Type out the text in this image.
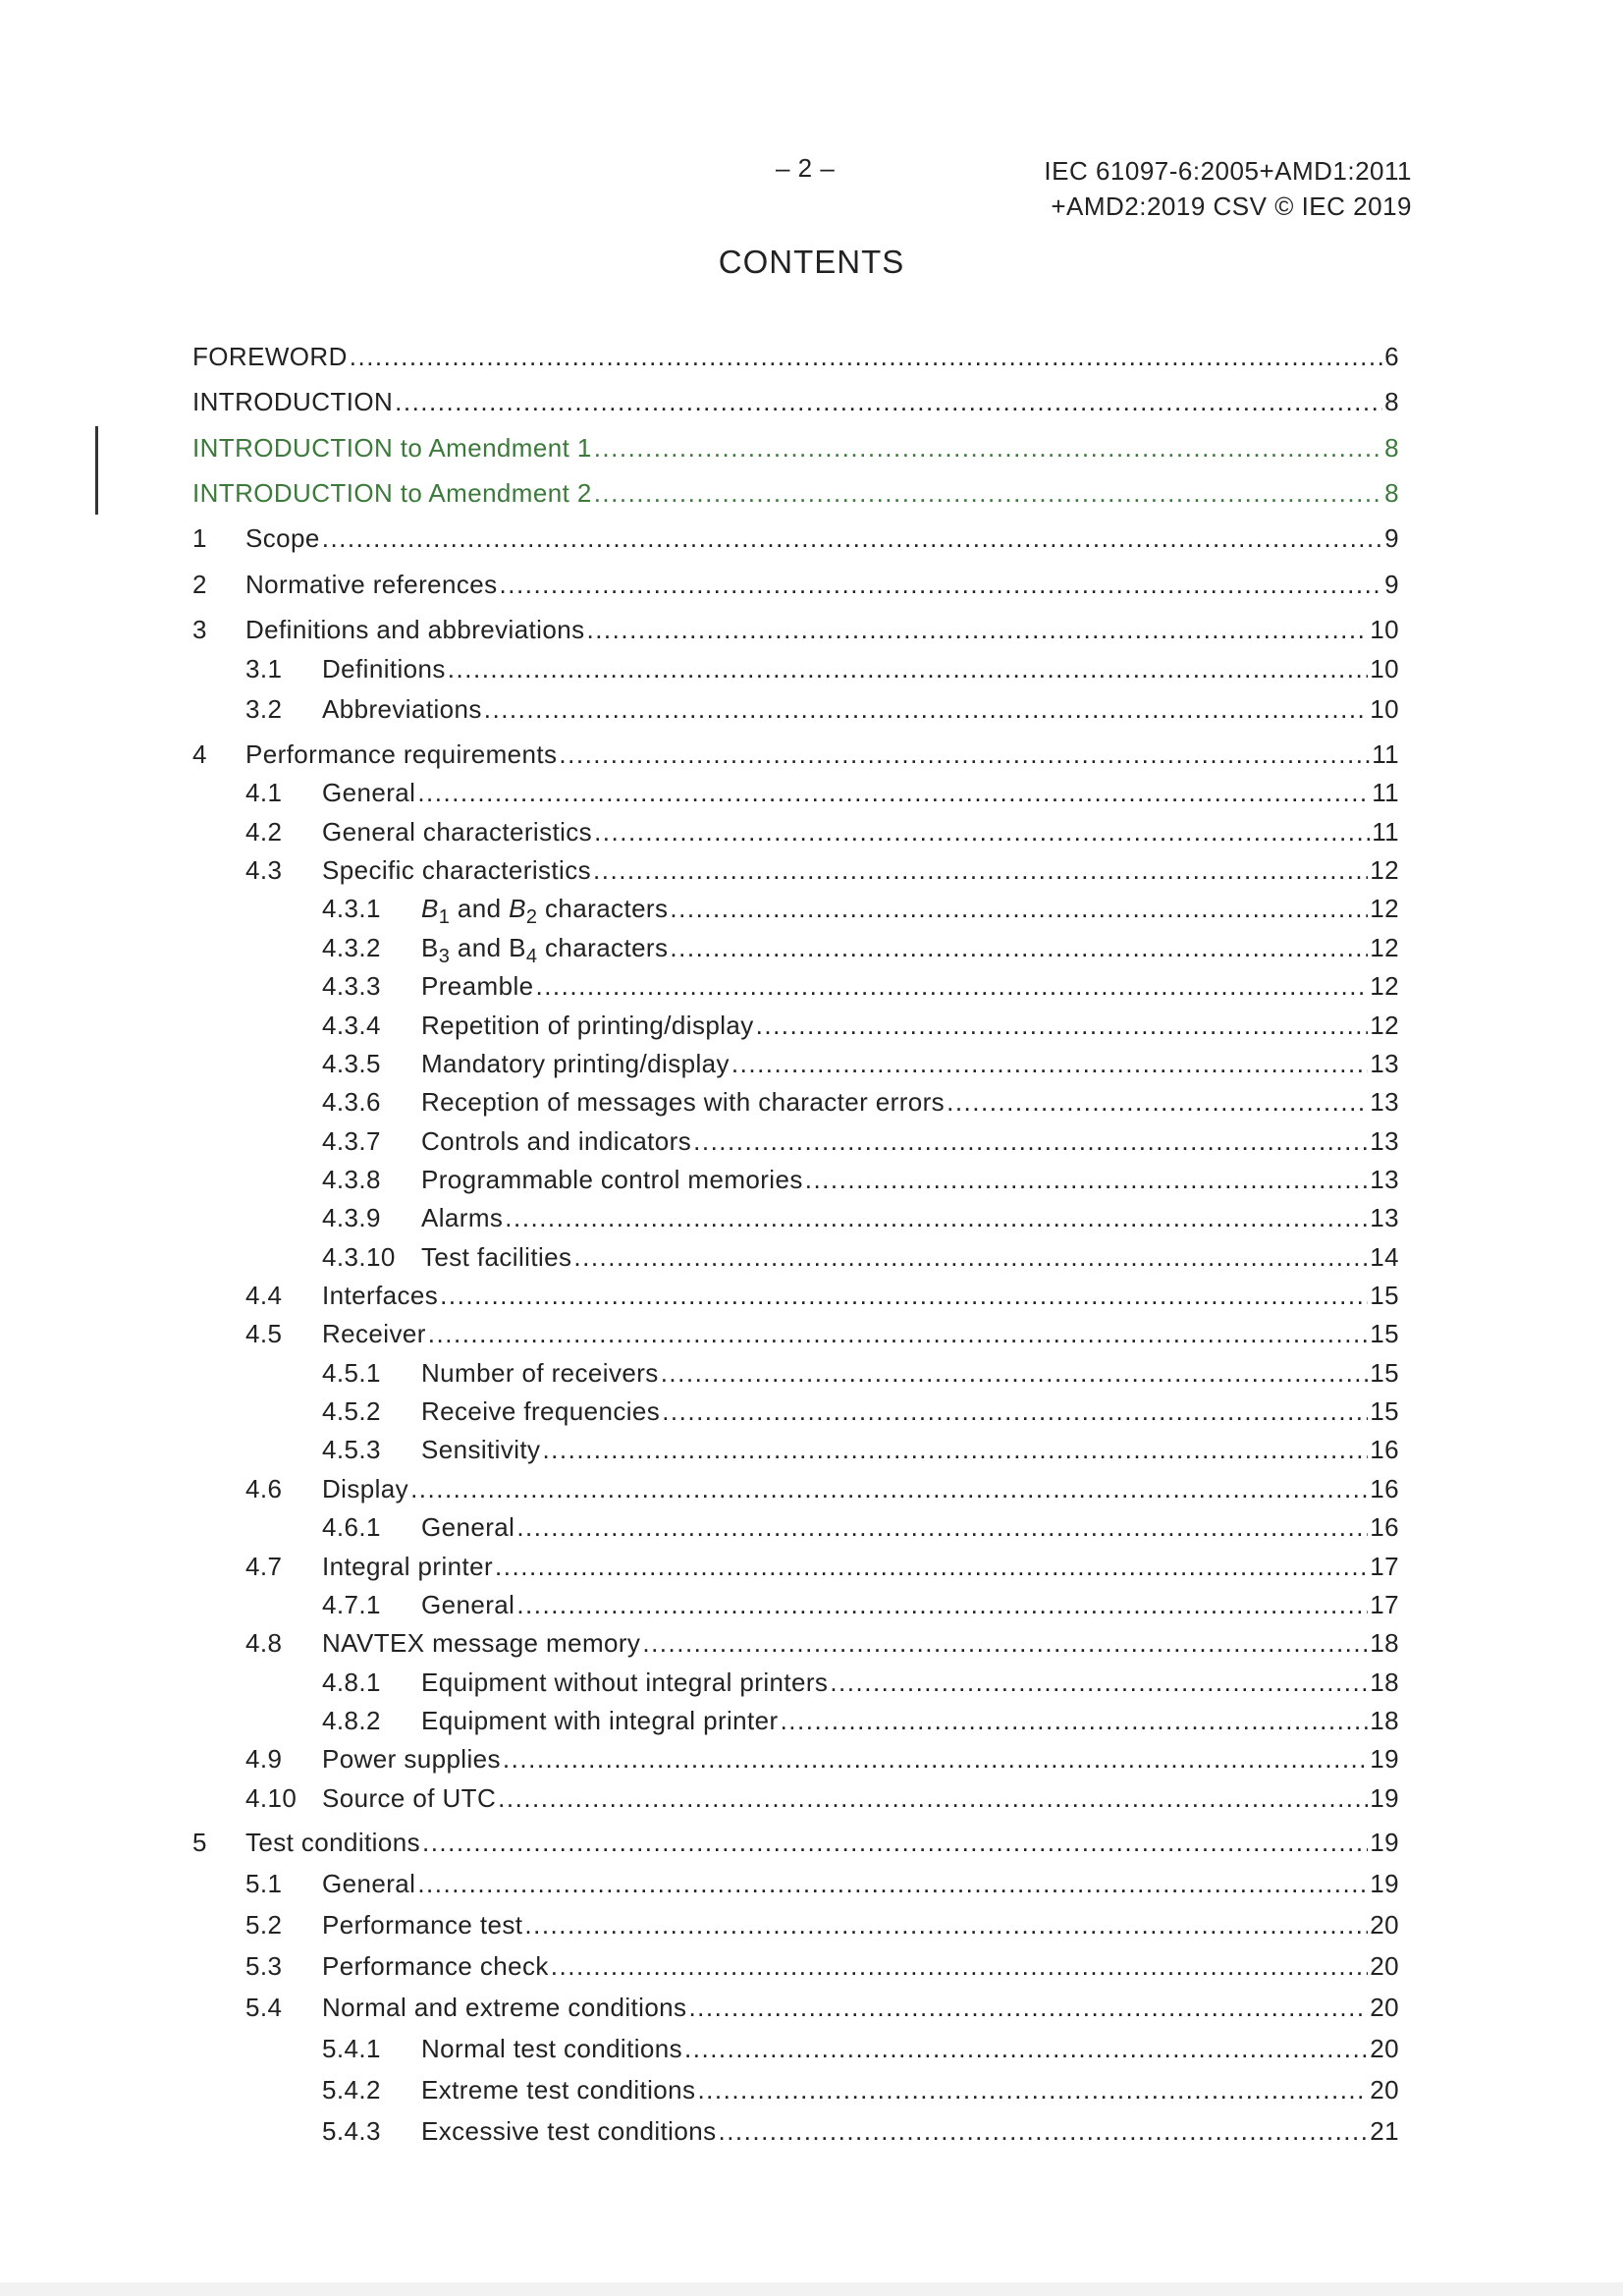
– 2 –	IEC 61097-6:2005+AMD1:2011
+AMD2:2019 CSV © IEC 2019
CONTENTS
FOREWORD .....	6
INTRODUCTION .....	8
INTRODUCTION to Amendment 1 .....	8
INTRODUCTION to Amendment 2 .....	8
1	Scope .....	9
2	Normative references .....	9
3	Definitions and abbreviations .....	10
3.1	Definitions .....	10
3.2	Abbreviations .....	10
4	Performance requirements .....	11
4.1	General .....	11
4.2	General characteristics .....	11
4.3	Specific characteristics .....	12
4.3.1	$B_1$ and $B_2$ characters .....	12
4.3.2	$B_3$ and $B_4$ characters .....	12
4.3.3	Preamble .....	12
4.3.4	Repetition of printing/display .....	12
4.3.5	Mandatory printing/display .....	13
4.3.6	Reception of messages with character errors .....	13
4.3.7	Controls and indicators .....	13
4.3.8	Programmable control memories .....	13
4.3.9	Alarms .....	13
4.3.10	Test facilities .....	14
4.4	Interfaces .....	15
4.5	Receiver .....	15
4.5.1	Number of receivers .....	15
4.5.2	Receive frequencies .....	15
4.5.3	Sensitivity .....	16
4.6	Display .....	16
4.6.1	General .....	16
4.7	Integral printer .....	17
4.7.1	General .....	17
4.8	NAVTEX message memory .....	18
4.8.1	Equipment without integral printers .....	18
4.8.2	Equipment with integral printer .....	18
4.9	Power supplies .....	19
4.10 Source of UTC .....	19
5	Test conditions .....	19
5.1	General .....	19
5.2	Performance test .....	20
5.3	Performance check .....	20
5.4	Normal and extreme conditions .....	20
5.4.1	Normal test conditions .....	20
5.4.2	Extreme test conditions .....	20
5.4.3	Excessive test conditions .....	21
